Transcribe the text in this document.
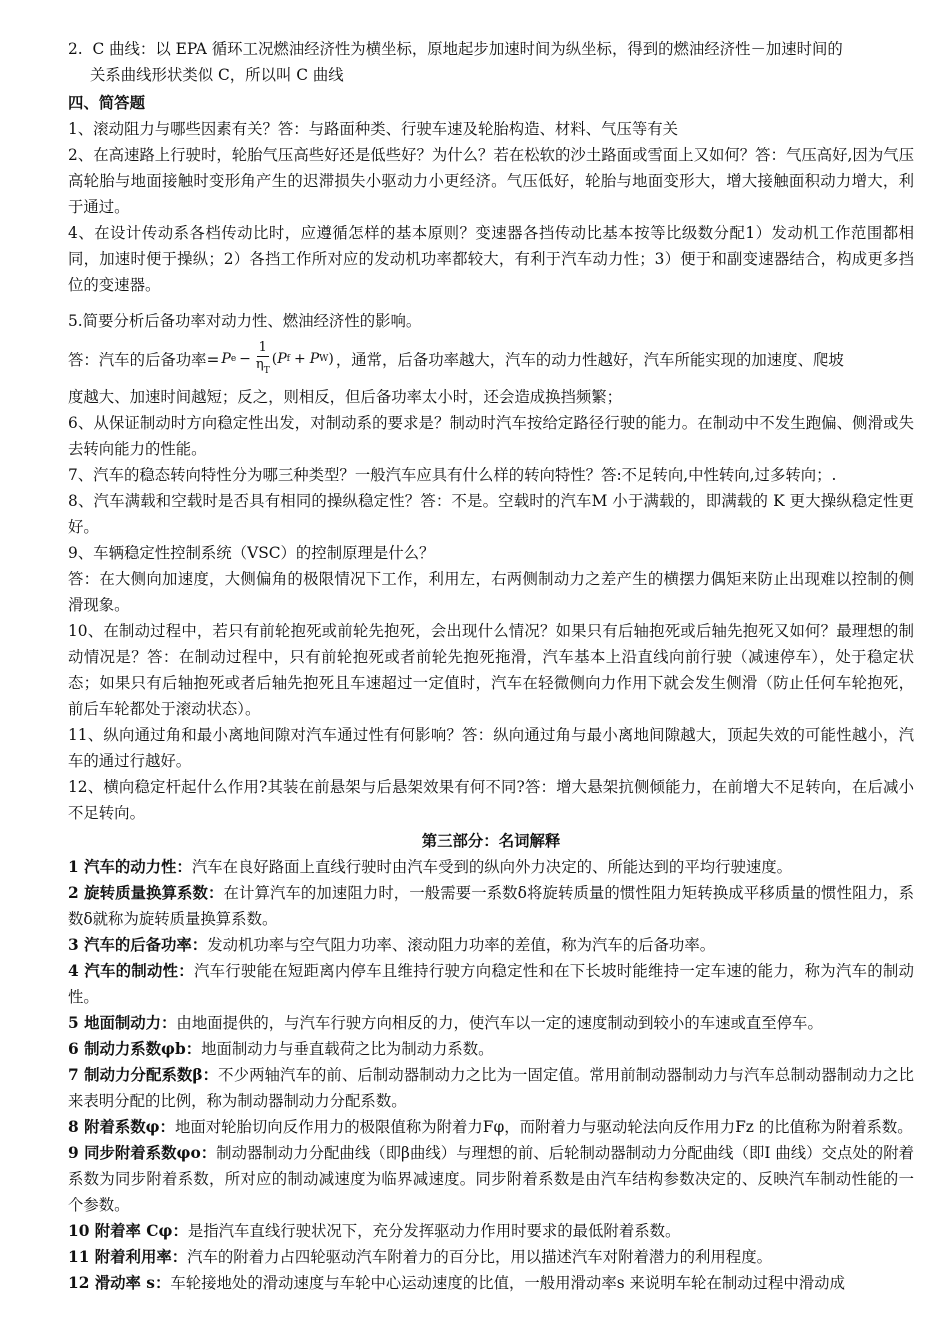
2. C 曲线：以 EPA 循环工况燃油经济性为横坐标，原地起步加速时间为纵坐标，得到的燃油经济性－加速时间的

关系曲线形状类似 C，所以叫 C 曲线

四、简答题

1、滚动阻力与哪些因素有关？答：与路面种类、行驶车速及轮胎构造、材料、气压等有关

2、在高速路上行驶时，轮胎气压高些好还是低些好？为什么？若在松软的沙土路面或雪面上又如何？答：气压高好,因为气压高轮胎与地面接触时变形角产生的迟滞损失小驱动力小更经济。气压低好，轮胎与地面变形大，增大接触面积动力增大，利于通过。

4、在设计传动系各档传动比时，应遵循怎样的基本原则？变速器各挡传动比基本按等比级数分配1）发动机工作范围都相同，加速时便于操纵；2）各挡工作所对应的发动机功率都较大，有利于汽车动力性；3）便于和副变速器结合，构成更多挡位的变速器。

5.简要分析后备功率对动力性、燃油经济性的影响。

答：汽车的后备功率= P $e - \frac{1}{\eta_T}$ ( P f + P W ) ，通常，后备功率越大，汽车的动力性越好，汽车所能实现的加速度、爬坡

度越大、加速时间越短；反之，则相反，但后备功率太小时，还会造成换挡频繁；

6、从保证制动时方向稳定性出发，对制动系的要求是？制动时汽车按给定路径行驶的能力。在制动中不发生跑偏、侧滑或失去转向能力的性能。

7、汽车的稳态转向特性分为哪三种类型？一般汽车应具有什么样的转向特性？答:不足转向,中性转向,过多转向；.

8、汽车满载和空载时是否具有相同的操纵稳定性？答：不是。空载时的汽车M 小于满载的，即满载的 K 更大操纵稳定性更好。

9、车辆稳定性控制系统（VSC）的控制原理是什么？

答：在大侧向加速度，大侧偏角的极限情况下工作，利用左，右两侧制动力之差产生的横摆力偶矩来防止出现难以控制的侧滑现象。

10、在制动过程中，若只有前轮抱死或前轮先抱死，会出现什么情况？如果只有后轴抱死或后轴先抱死又如何？最理想的制动情况是？答：在制动过程中，只有前轮抱死或者前轮先抱死拖滑，汽车基本上沿直线向前行驶（减速停车），处于稳定状态；如果只有后轴抱死或者后轴先抱死且车速超过一定值时，汽车在轻微侧向力作用下就会发生侧滑（防止任何车轮抱死，前后车轮都处于滚动状态）。

11、纵向通过角和最小离地间隙对汽车通过性有何影响？答：纵向通过角与最小离地间隙越大，顶起失效的可能性越小，汽车的通过行越好。

12、横向稳定杆起什么作用?其装在前悬架与后悬架效果有何不同?答：增大悬架抗侧倾能力，在前增大不足转向，在后减小不足转向。

第三部分：名词解释

1 汽车的动力性：汽车在良好路面上直线行驶时由汽车受到的纵向外力决定的、所能达到的平均行驶速度。

2 旋转质量换算系数：在计算汽车的加速阻力时，一般需要一系数δ将旋转质量的惯性阻力矩转换成平移质量的惯性阻力，系数δ就称为旋转质量换算系数。

3 汽车的后备功率：发动机功率与空气阻力功率、滚动阻力功率的差值，称为汽车的后备功率。

4 汽车的制动性：汽车行驶能在短距离内停车且维持行驶方向稳定性和在下长坡时能维持一定车速的能力，称为汽车的制动性。

5 地面制动力：由地面提供的，与汽车行驶方向相反的力，使汽车以一定的速度制动到较小的车速或直至停车。

6 制动力系数φb：地面制动力与垂直载荷之比为制动力系数。

7 制动力分配系数β：不少两轴汽车的前、后制动器制动力之比为一固定值。常用前制动器制动力与汽车总制动器制动力之比来表明分配的比例，称为制动器制动力分配系数。

8 附着系数φ：地面对轮胎切向反作用力的极限值称为附着力Fφ，而附着力与驱动轮法向反作用力Fz 的比值称为附着系数。

9 同步附着系数φo：制动器制动力分配曲线（即β曲线）与理想的前、后轮制动器制动力分配曲线（即I 曲线）交点处的附着系数为同步附着系数，所对应的制动减速度为临界减速度。同步附着系数是由汽车结构参数决定的、反映汽车制动性能的一个参数。

10 附着率 Cφ：是指汽车直线行驶状况下，充分发挥驱动力作用时要求的最低附着系数。

11 附着利用率：汽车的附着力占四轮驱动汽车附着力的百分比，用以描述汽车对附着潜力的利用程度。

12 滑动率 s：车轮接地处的滑动速度与车轮中心运动速度的比值，一般用滑动率s 来说明车轮在制动过程中滑动成
